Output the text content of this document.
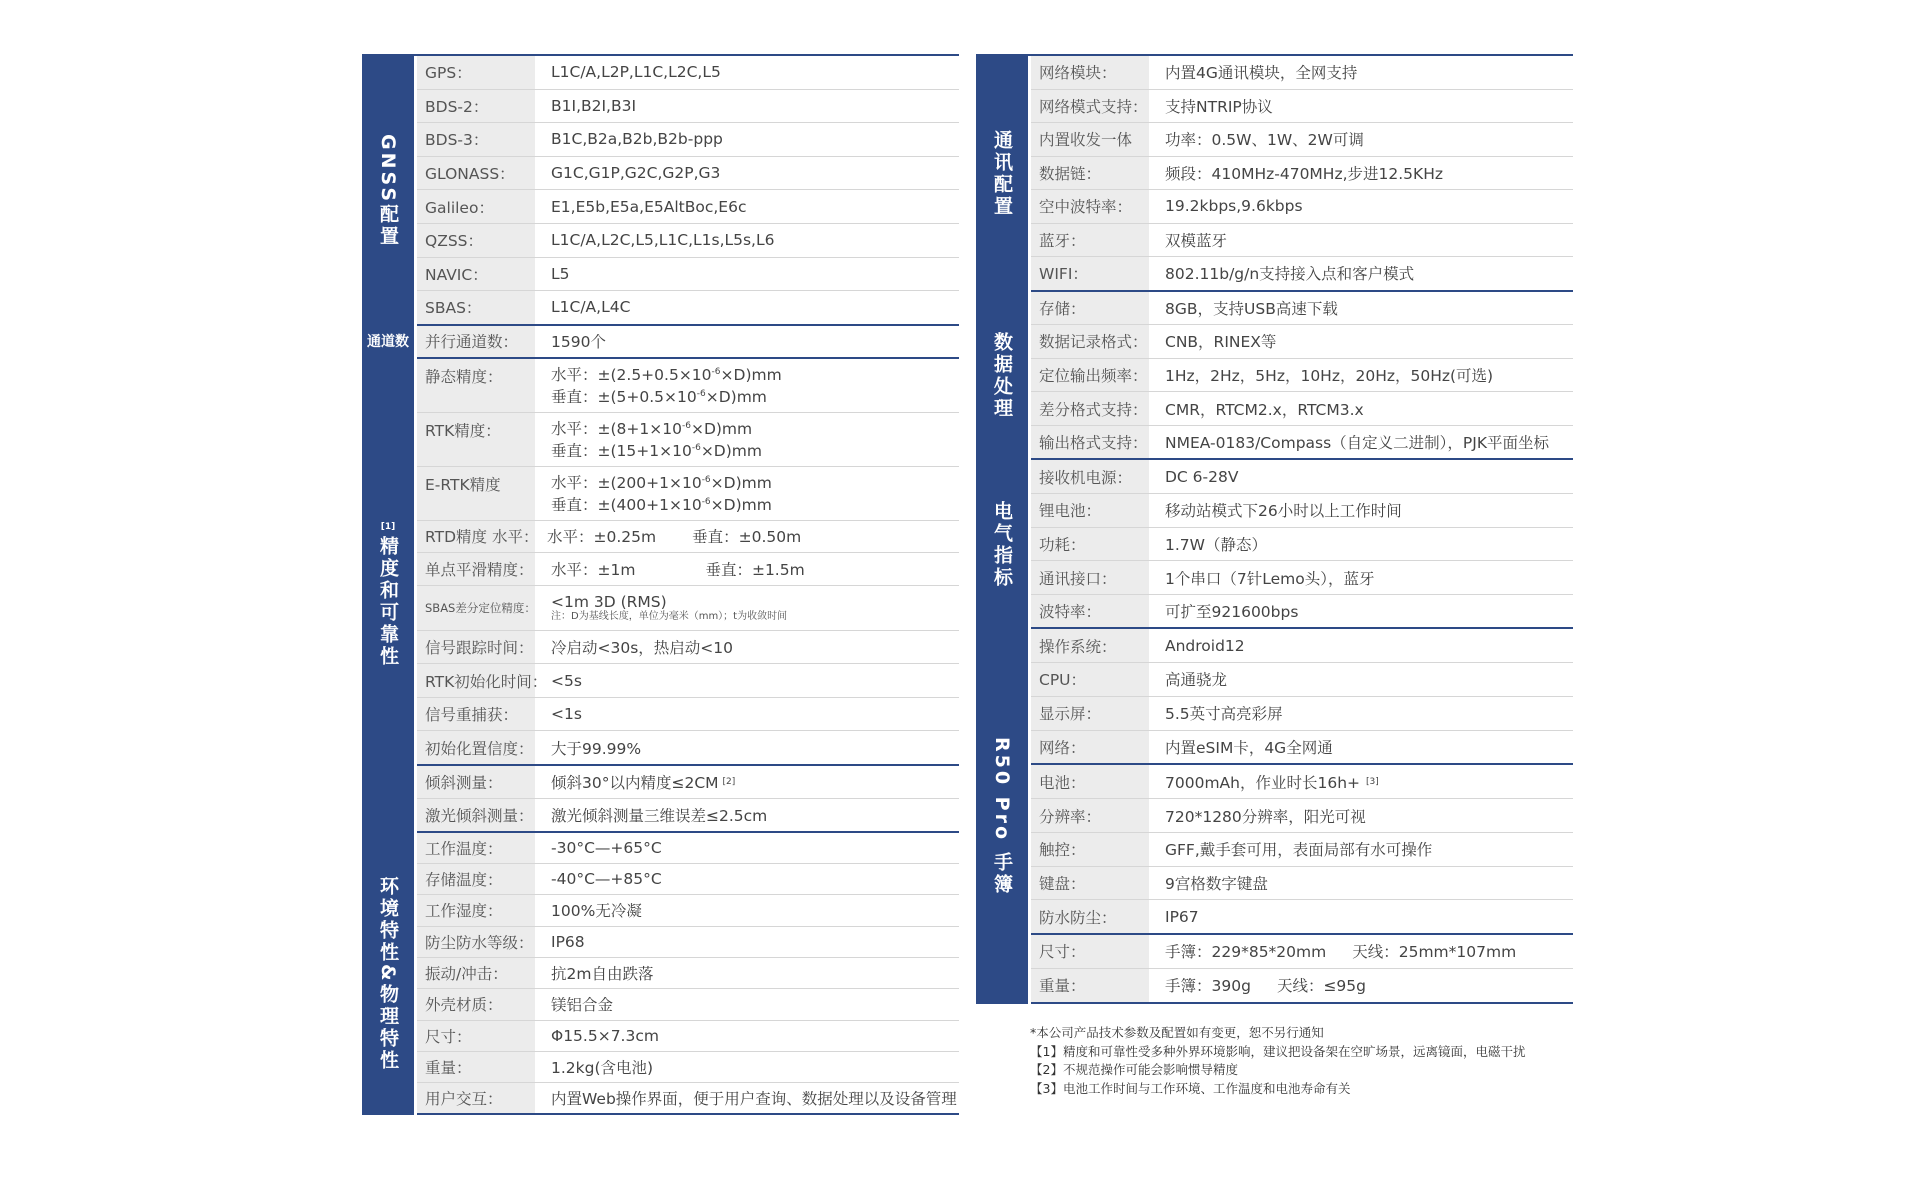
GNSS配置
GPS：	L1C/A,L2P,L1C,L2C,L5
BDS-2：	B1I,B2I,B3I
BDS-3：	B1C,B2a,B2b,B2b-ppp
GLONASS：	G1C,G1P,G2C,G2P,G3
Galileo：	E1,E5b,E5a,E5AltBoc,E6c
QZSS：	L1C/A,L2C,L5,L1C,L1s,L5s,L6
NAVIC：	L5
SBAS：	L1C/A,L4C
通道数	并行通道数：	1590个
[1]
精度和可靠性
静态精度：	水平：$\pm(2.5+0.5\times 10^{-6}\times D)mm$
垂直：$\pm(5+0.5\times 10^{-6}\times D)mm$
RTK精度：	水平：$\pm(8+1\times 10^{-6}\times D)mm$
垂直：$\pm(15+1\times 10^{-6}\times D)mm$
E-RTK精度	水平：$\pm(200+1\times 10^{-6}\times D)mm$
垂直：$\pm(400+1\times 10^{-6}\times D)mm$
RTD精度 水平： 水平：±0.25m 垂直：±0.50m
单点平滑精度： 水平：±1m	垂直：±1.5m
SBAS差分定位精度： <1m 3D (RMS)
注：D为基线长度，单位为毫米（mm）；t为收敛时间
信号跟踪时间：	冷启动<30s，热启动<10
RTK初始化时间： <5s
信号重捕获：	<1s
初始化置信度：	大于99.99%
倾斜测量：	倾斜30°以内精度≤2CM [2]
激光倾斜测量：	激光倾斜测量三维误差≤2.5cm
环境特性&物理特性
工作温度：	-30°C—+65°C
存储温度：	-40°C—+85°C
工作湿度：	100%无冷凝
防尘防水等级：	IP68
振动/冲击：	抗2m自由跌落
外壳材质：	镁铝合金
尺寸：	Φ15.5×7.3cm
重量：	1.2kg(含电池)
用户交互：	内置Web操作界面，便于用户查询、数据处理以及设备管理
通讯配置
网络模块：	内置4G通讯模块，全网支持
网络模式支持：	支持NTRIP协议
内置收发一体	功率：0.5W、1W、2W可调
数据链：	频段：410MHz-470MHz,步进12.5KHz
空中波特率：	19.2kbps,9.6kbps
蓝牙：	双模蓝牙
WIFI：	802.11b/g/n支持接入点和客户模式
数据处理
存储：	8GB，支持USB高速下载
数据记录格式：	CNB，RINEX等
定位输出频率：	1Hz，2Hz，5Hz，10Hz，20Hz，50Hz(可选)
差分格式支持：	CMR，RTCM2.x，RTCM3.x
输出格式支持：	NMEA-0183/Compass（自定义二进制），PJK平面坐标
电气指标
接收机电源：	DC 6-28V
锂电池：	移动站模式下26小时以上工作时间
功耗：	1.7W（静态）
通讯接口：	1个串口（7针Lemo头），蓝牙
波特率：	可扩至921600bps
R50 Pro 手簿
操作系统：	Android12
CPU：	高通骁龙
显示屏：	5.5英寸高亮彩屏
网络：	内置eSIM卡，4G全网通
电池：	7000mAh，作业时长16h+ [3]
分辨率：	720*1280分辨率，阳光可视
触控：	GFF,戴手套可用，表面局部有水可操作
键盘：	9宫格数字键盘
防水防尘：	IP67
尺寸：	手簿：229*85*20mm 天线：25mm*107mm
重量：	手簿：390g 天线：≤95g
*本公司产品技术参数及配置如有变更，恕不另行通知
【1】精度和可靠性受多种外界环境影响，建议把设备架在空旷场景，远离镜面，电磁干扰
【2】不规范操作可能会影响惯导精度
【3】电池工作时间与工作环境、工作温度和电池寿命有关
